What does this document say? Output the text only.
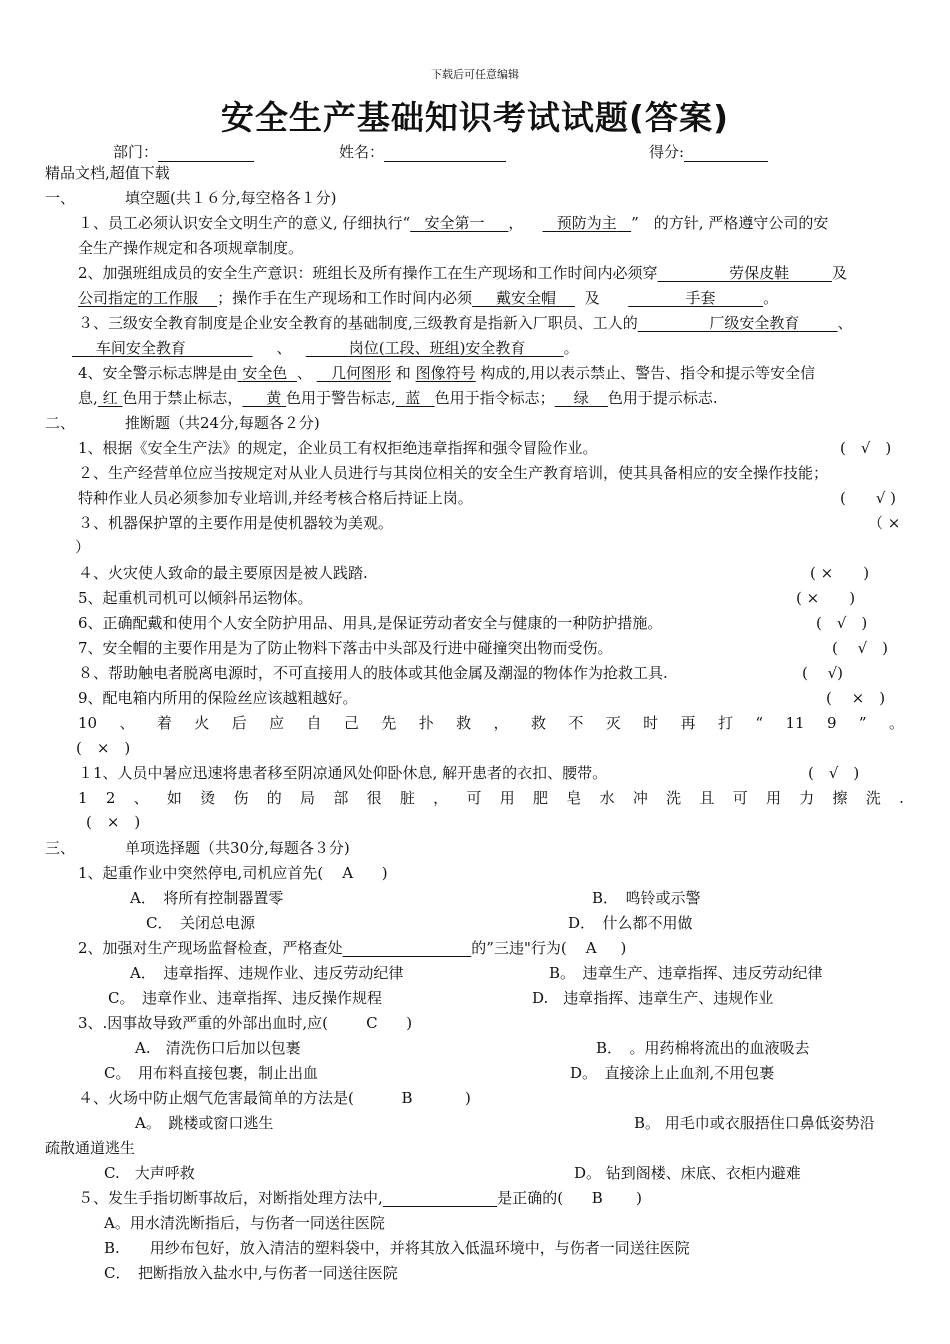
下载后可任意编辑
安全生产基础知识考试试题(答案)
部门：	姓名：	得分:
精品文档,超值下载
一、	填空题(共１６分,每空格各１分)
１、员工必须认识安全文明生产的意义, 仔细执行“ 安全第一 ， 预防为主 ”　的方针, 严格遵守公司的安
全生产操作规定和各项规章制度。
2、加强班组成员的安全生产意识：班组长及所有操作工在生产现场和工作时间内必须穿	劳保皮鞋	及
公司指定的工作服 ；操作手在生产现场和工作时间内必须 戴安全帽 及	手套	。
３、三级安全教育制度是企业安全教育的基础制度,三级教育是指新入厂职员、工人的	厂级安全教育	、
车间安全教育	、	岗位(工段、班组)安全教育	。
4、安全警示标志牌是由 安全色 、 几何图形 和 图像符号 构成的,用以表示禁止、警告、指令和提示等安全信
息, 红 色用于禁止标志， 黄 色用于警告标志, 蓝 色用于指令标志； 绿 色用于提示标志.
二、	推断题（共24分,每题各２分)
1、根据《安全生产法》的规定，企业员工有权拒绝违章指挥和强令冒险作业。	(　√　)
２、生产经营单位应当按规定对从业人员进行与其岗位相关的安全生产教育培训，使其具备相应的安全操作技能；
特种作业人员必须参加专业培训,并经考核合格后持证上岗。	(　　√ )
３、机器保护罩的主要作用是使机器较为美观。	（ ×
）
４、火灾使人致命的最主要原因是被人践踏.	( ×　　)
5、起重机司机可以倾斜吊运物体。	( ×　　)
6、正确配戴和使用个人安全防护用品、用具,是保证劳动者安全与健康的一种防护措施。	(　√　)
7、安全帽的主要作用是为了防止物料下落击中头部及行进中碰撞突出物而受伤。	(　 √　)
８、帮助触电者脱离电源时，不可直接用人的肢体或其他金属及潮湿的物体作为抢救工具.	(　 √)
9、配电箱内所用的保险丝应该越粗越好。	(　 ×　)
10 、 着 火 后 应 自 己 先 扑 救 ， 救 不 灭 时 再 打 “ 11 9 ” 。
(　×　)
１1、人员中暑应迅速将患者移至阴凉通风处仰卧休息, 解开患者的衣扣、腰带。	(　√　)
1 2 、 如 烫 伤 的 局 部 很 脏 ， 可 用 肥 皂 水 冲 洗 且 可 用 力 擦 洗 .
(　×　)
三、	单项选择题（共30分,每题各３分)
1、起重作业中突然停电,司机应首先( A )
A．　将所有控制器置零	B．　鸣铃或示警
C．　关闭总电源	D．　什么都不用做
2、加强对生产现场监督检查，严格查处	的”三违"行为( A )
A．　违章指挥、违规作业、违反劳动纪律	B。　违章生产、违章指挥、违反劳动纪律
C。　违章作业、违章指挥、违反操作规程	D.　违章指挥、违章生产、违规作业
3、.因事故导致严重的外部出血时,应(	C )
A.　清洗伤口后加以包裹	B．　。用药棉将流出的血液吸去
C。　用布料直接包裹，制止出血	D。　直接涂上止血剂,不用包裹
４、火场中防止烟气危害最简单的方法是(	B	)
A。　跳楼或窗口逃生	B。 用毛巾或衣服捂住口鼻低姿势沿
疏散通道逃生
C.　大声呼救	D。 钻到阁楼、床底、衣柜内避难
５、发生手指切断事故后，对断指处理方法中,	是正确的( B )
A。用水清洗断指后，与伤者一同送往医院
B.　　用纱布包好，放入清洁的塑料袋中，并将其放入低温环境中，与伤者一同送往医院
C．　把断指放入盐水中,与伤者一同送往医院
